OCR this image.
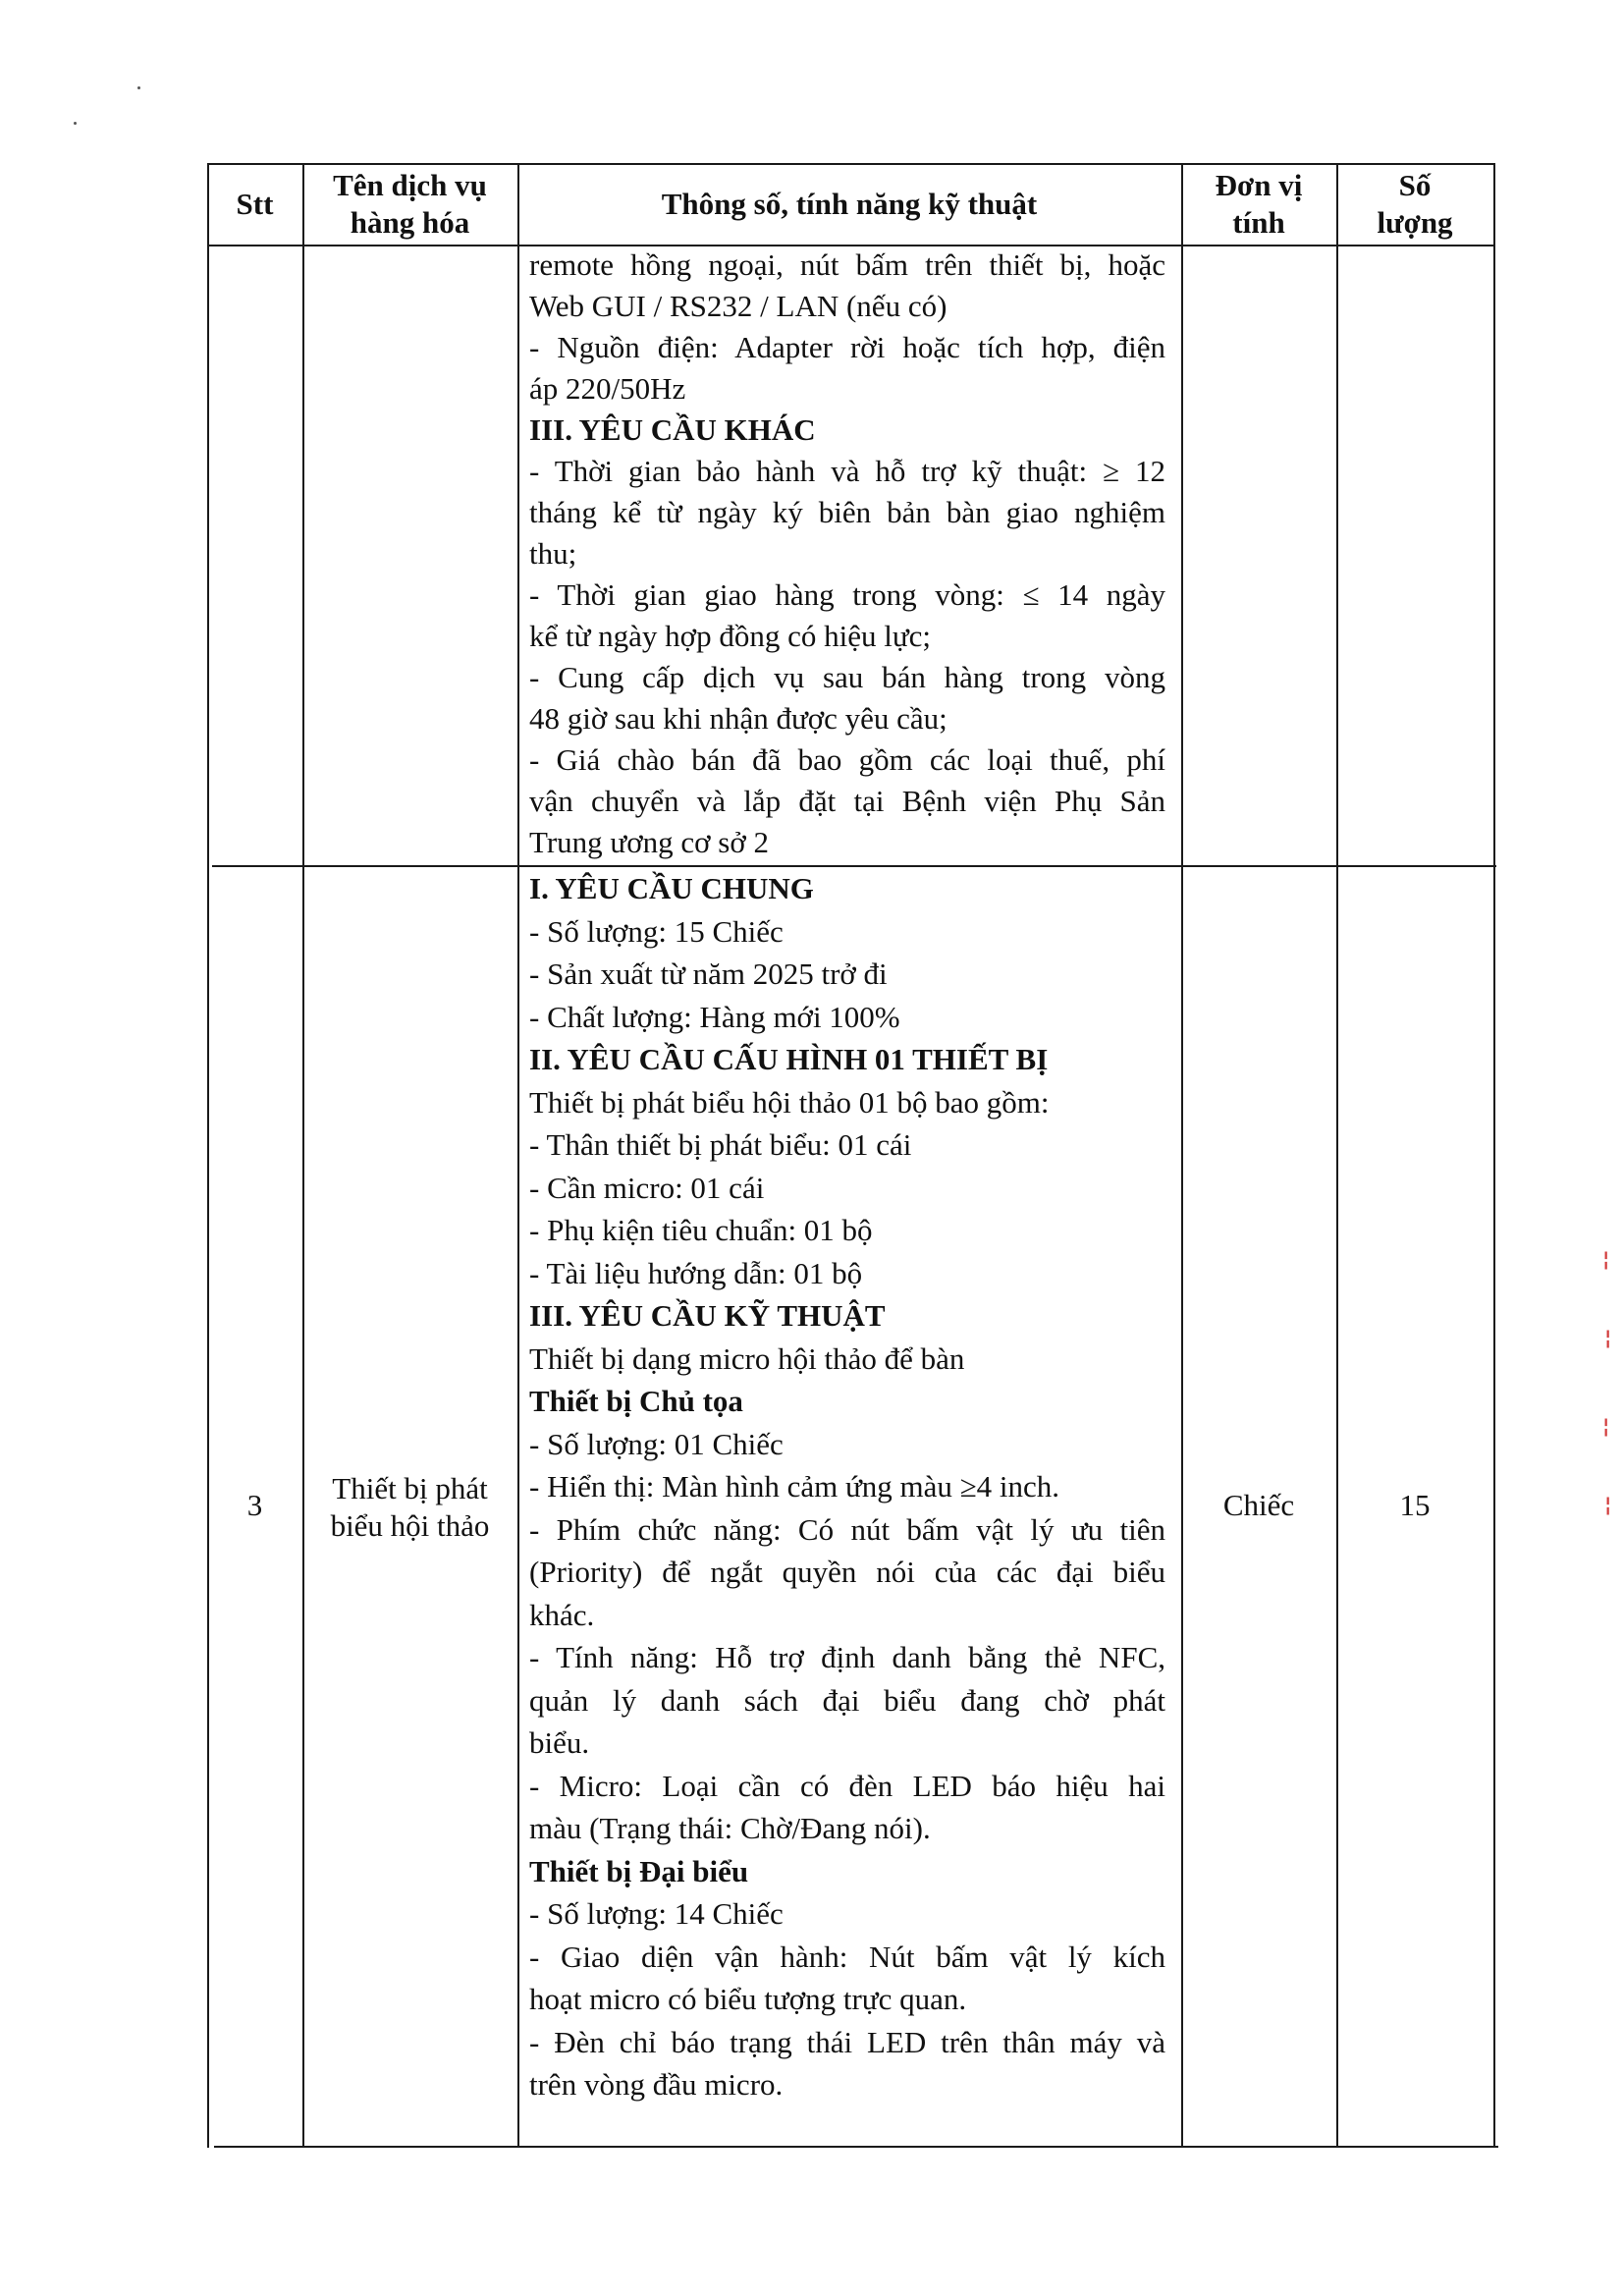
Stt
Tên dịch vụ
hàng hóa
Thông số, tính năng kỹ thuật
Đơn vị
tính
Số
lượng
remote hồng ngoại, nút bấm trên thiết bị, hoặc
Web GUI / RS232 / LAN (nếu có)
- Nguồn điện: Adapter rời hoặc tích hợp, điện
áp 220/50Hz
III. YÊU CẦU KHÁC
- Thời gian bảo hành và hỗ trợ kỹ thuật: ≥ 12
tháng kể từ ngày ký biên bản bàn giao nghiệm
thu;
- Thời gian giao hàng trong vòng: ≤ 14 ngày
kể từ ngày hợp đồng có hiệu lực;
- Cung cấp dịch vụ sau bán hàng trong vòng
48 giờ sau khi nhận được yêu cầu;
- Giá chào bán đã bao gồm các loại thuế, phí
vận chuyển và lắp đặt tại Bệnh viện Phụ Sản
Trung ương cơ sở 2
3	Thiết bị phát
biểu hội thảo
I. YÊU CẦU CHUNG
- Số lượng: 15 Chiếc
- Sản xuất từ năm 2025 trở đi
- Chất lượng: Hàng mới 100%
II. YÊU CẦU CẤU HÌNH 01 THIẾT BỊ
Thiết bị phát biểu hội thảo 01 bộ bao gồm:
- Thân thiết bị phát biểu: 01 cái
- Cần micro: 01 cái
- Phụ kiện tiêu chuẩn: 01 bộ
- Tài liệu hướng dẫn: 01 bộ
III. YÊU CẦU KỸ THUẬT
Thiết bị dạng micro hội thảo để bàn
Thiết bị Chủ tọa
- Số lượng: 01 Chiếc
- Hiển thị: Màn hình cảm ứng màu ≥4 inch.
- Phím chức năng: Có nút bấm vật lý ưu tiên
(Priority) để ngắt quyền nói của các đại biểu
khác.
- Tính năng: Hỗ trợ định danh bằng thẻ NFC,
quản lý danh sách đại biểu đang chờ phát
biểu.
- Micro: Loại cần có đèn LED báo hiệu hai
màu (Trạng thái: Chờ/Đang nói).
Thiết bị Đại biểu
- Số lượng: 14 Chiếc
- Giao diện vận hành: Nút bấm vật lý kích
hoạt micro có biểu tượng trực quan.
- Đèn chỉ báo trạng thái LED trên thân máy và
trên vòng đầu micro.
Chiếc	15
¦
¦
¦
¦
